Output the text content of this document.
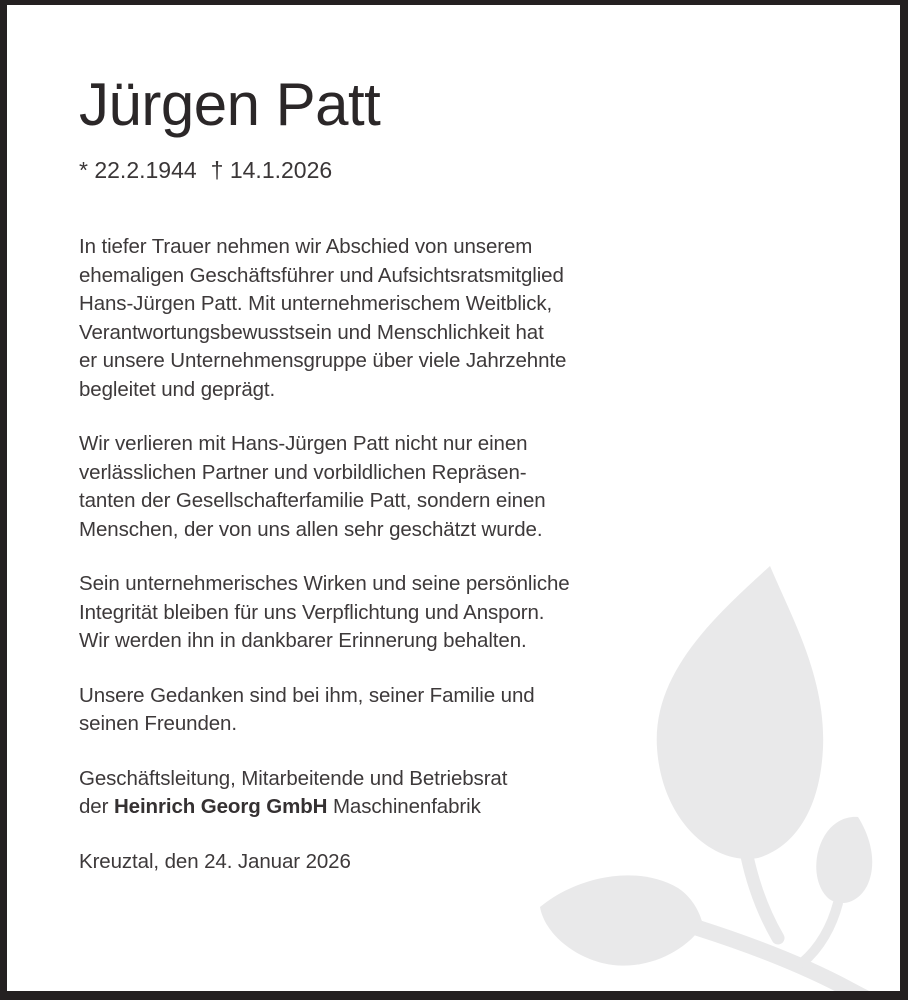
Jürgen Patt
* 22.2.1944 † 14.1.2026

In tiefer Trauer nehmen wir Abschied von unserem
ehemaligen Geschäftsführer und Aufsichtsratsmitglied
Hans-Jürgen Patt. Mit unternehmerischem Weitblick,
Verantwortungsbewusstsein und Menschlichkeit hat
er unsere Unternehmensgruppe über viele Jahrzehnte
begleitet und geprägt.

Wir verlieren mit Hans-Jürgen Patt nicht nur einen
verlässlichen Partner und vorbildlichen Repräsen-
tanten der Gesellschafterfamilie Patt, sondern einen
Menschen, der von uns allen sehr geschätzt wurde.

Sein unternehmerisches Wirken und seine persönliche
Integrität bleiben für uns Verpflichtung und Ansporn.
Wir werden ihn in dankbarer Erinnerung behalten.

Unsere Gedanken sind bei ihm, seiner Familie und
seinen Freunden.

Geschäftsleitung, Mitarbeitende und Betriebsrat
der Heinrich Georg GmbH Maschinenfabrik

Kreuztal, den 24. Januar 2026
